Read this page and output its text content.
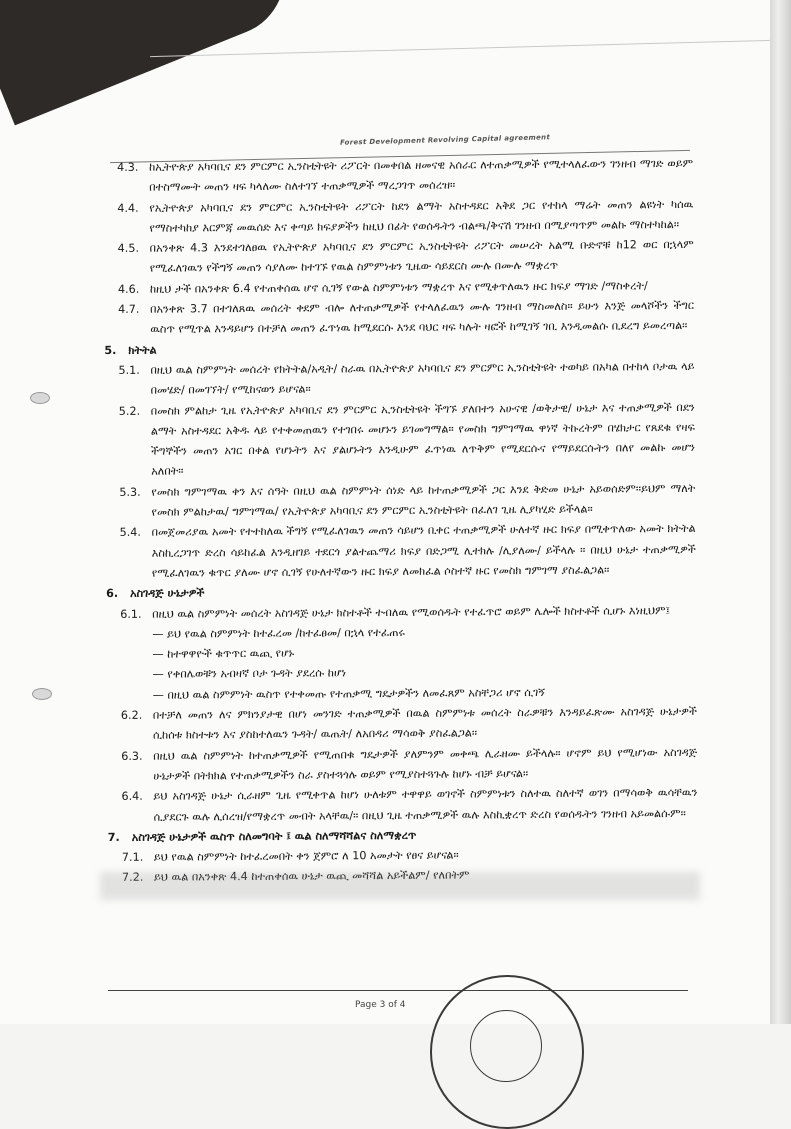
Forest Development Revolving Capital agreement
4.3. ከኢትዮጵያ አካባቢና ደን ምርምር ኢንስቲትዩት ሪፖርት በመቀበል ዘመናዊ አሰራር ለተጠቃሚዎች የሚተላለፈውን ገንዘብ ማገድ ወይም በተስማሙት መጠን ዛፍ ካላለሙ ስለተገኘ ተጠቃሚዎች ማረጋገጥ መሰረዝ።
4.4. የኢትዮጵያ አካባቢና ደን ምርምር ኢንስቲትዩት ሪፖርት ከደን ልማት አስተዳደር አቅደ ጋር የተከላ ማሬት መጠን ልዩነት ካሰዉ የማስተካከያ እርምጃ መዉሰድ እና ቀጣይ ክፍያዎችን ከዚህ በፊት የወሰዱትን ብልጫ/ቅናሽ ገንዘብ በሚያጣጥም መልኩ ማስተካከል።
4.5. በአንቀጽ 4.3 እንደተገለፀዉ የኢትዮጵያ አካባቢና ደን ምርምር ኢንስቲትዩት ሪፖርት መሠረት አልሚ ቡድኖቹ ከ12 ወር በኋላም የሚፈለገዉን የችግኝ መጠን ሳያለሙ ከተገኙ የዉል ስምምነቱን ጊዜው ሳይደርስ ሙሉ በሙሉ ማቋረጥ
4.6. ከዚህ ታች በአንቀጽ 6.4 የተጠቀሰዉ ሆኖ ሲገኝ የውል ስምምነቱን ማቋረጥ እና የሚቀጥለዉን ዙር ክፍያ ማገድ /ማስቀረት/
4.7. በአንቀጽ 3.7 በተገለጸዉ መሰረት ቀደም ብሎ ለተጠቃሚዎች የተላለፈዉን ሙሉ ገንዘብ ማስመለስ። ይሁን እንጅ መላሾችን ችግር ዉስጥ የሚጥል እንዳይሆን በተቻለ መጠን ፈጥነዉ ከሚደርሱ እንደ ባህር ዛፍ ካሉት ዛፎች ከሚገኝ ገቢ እንዲመልሱ ቢደረግ ይመረጣል።
5. ክትትል
5.1. በዚህ ዉል ስምምነት መሰረት የክትትል/አዲት/ ስራዉ በኢትዮጵያ አካባቢና ደን ምርምር ኢንስቲትዩት ተወካይ በአካል በተከላ ቦታዉ ላይ በመሄድ/ በመገኘት/ የሚከናወን ይሆናል።
5.2. በመስክ ምልከታ ጊዜ የኢትዮጵያ አካባቢና ደን ምርምር ኢንስቲትዩት ችግኙ ያለበተን አሁናዊ /ወቅታዊ/ ሁኔታ እና ተጠቃሚዎች በደን ልማት አስተዳደር አቅዱ ላይ የተቀመጠዉን የተገበሩ መሆኑን ይገመግማል። የመስክ ግምገማዉ ዋነኛ ትኩረትም በሄክታር የጸደቁ የዛፍ ችግኞችን መጠን አገር በቀል የሆኑትን እና ያልሆኑትን እንዲሁም ፈጥነዉ ለጥቅም የሚደርሱና የማይደርሱትን በለየ መልኩ መሆን አለበት።
5.3. የመስክ ግምገማዉ ቀን እና ሰዓት በዚህ ዉል ስምምነት ሰነድ ላይ ከተጠቃሚዎች ጋር እንደ ቅድመ ሁኔታ አይወሰድም።ይህም ማለት የመስክ ምልከታዉ/ ግምገማዉ/ የኢትዮጵያ አካባቢና ደን ምርምር ኢንስቲትዩት በፈለገ ጊዜ ሊያካሂድ ይችላል።
5.4. በመጀመሪያዉ አመት የተተከለዉ ችግኝ የሚፈለገዉን መጠን ሳይሆን ቢቀር ተጠቃሚዎች ሁለተኛ ዙር ክፍያ በሚቀጥለው አመት ክትትል እስኪረጋገጥ ድረስ ሳይከፈል እንዲዘገይ ተደርጎ ያልተጨማሪ ክፍያ በድጋሚ ሊተክሉ /ሊያለሙ/ ይችላሉ ። በዚህ ሁኔታ ተጠቃሚዎች የሚፈለገዉን ቁጥር ያለሙ ሆኖ ሲገኝ የሁለተኛውን ዙር ክፍያ ለመክፈል ሶስተኛ ዙር የመስክ ግምገማ ያስፈልጋል።
6. አስገዳጅ ሁኔታዎች
6.1. በዚህ ዉል ስምምነት መሰረት አስገዳጅ ሁኔታ ክስተቶች ተብለዉ የሚወሰዱት የተፈጥሮ ወይም ሌሎች ክስተቶች ሲሆኑ እነዚህም፤
— ይህ የዉል ስምምነት ከተፈረመ /ከተፈፀመ/ በኋላ የተፈጠሩ
— ከተዋዋዮች ቁጥጥር ዉጪ የሆኑ
— የቀበሌወቹን አብዛኛ ቦታ ጉዳት ያደረሱ ከሆነ
— በዚህ ዉል ስምምነት ዉስጥ የተቀመጡ የተጠቃሚ ግዴታዎችን ለመፈጸም አስቸጋሪ ሆኖ ሲገኝ
6.2. በተቻለ መጠን ለና ምክንያታዊ በሆነ መንገድ ተጠቃሚዎች በዉል ስምምነቱ መሰረት ስራዎቹን እንዳይፈጽሙ አስገዳጅ ሁኔታዎች ሲከሰቱ ክስተቱን እና ያስከተለዉን ጉዳት/ ዉጤት/ ለአበዳሪ ማሳወቅ ያስፈልጋል።
6.3. በዚህ ዉል ስምምነት ከተጠቃሚዎች የሚጠበቁ ግዴታዎች ያለምንም መቀጫ ሊራዘሙ ይችላሉ። ሆኖም ይህ የሚሆነው አስገዳጅ ሁኔታዎች በትክክል የተጠቃሚዎችን ስራ ያስተጓጎሉ ወይም የሚያስተጓጉሉ ከሆኑ ብቻ ይሆናል።
6.4. ይህ አስገዳጅ ሁኔታ ሲራዘም ጊዜ የሚቀጥል ከሆነ ሁለቱም ተዋዋይ ወገኖች ስምምነቱን ስለተዉ ስለተኛ ወገን በማሳወቅ ዉሳቸዉን ሲያደርጉ ዉሉ ሊሰረዝ/የማቋረጥ መብት አላቸዉ/። በዚህ ጊዜ ተጠቃሚዎች ዉሉ እስኪቋረጥ ድረስ የወሰዱትን ገንዘብ አይመልሱም።
7. አስገዳጅ ሁኔታዎች ዉስጥ ስለመግባት ፤ ዉል ስለማሻሻልና ስለማቋረጥ
7.1. ይህ የዉል ስምምነት ከተፈረመበት ቀን ጀምሮ ለ 10 አመታት የፀና ይሆናል።
7.2. ይህ ዉል በአንቀጽ 4.4 ከተጠቀሰዉ ሁኔታ ዉጪ መሻሻል አይችልም/ የለበትም
Page 3 of 4
